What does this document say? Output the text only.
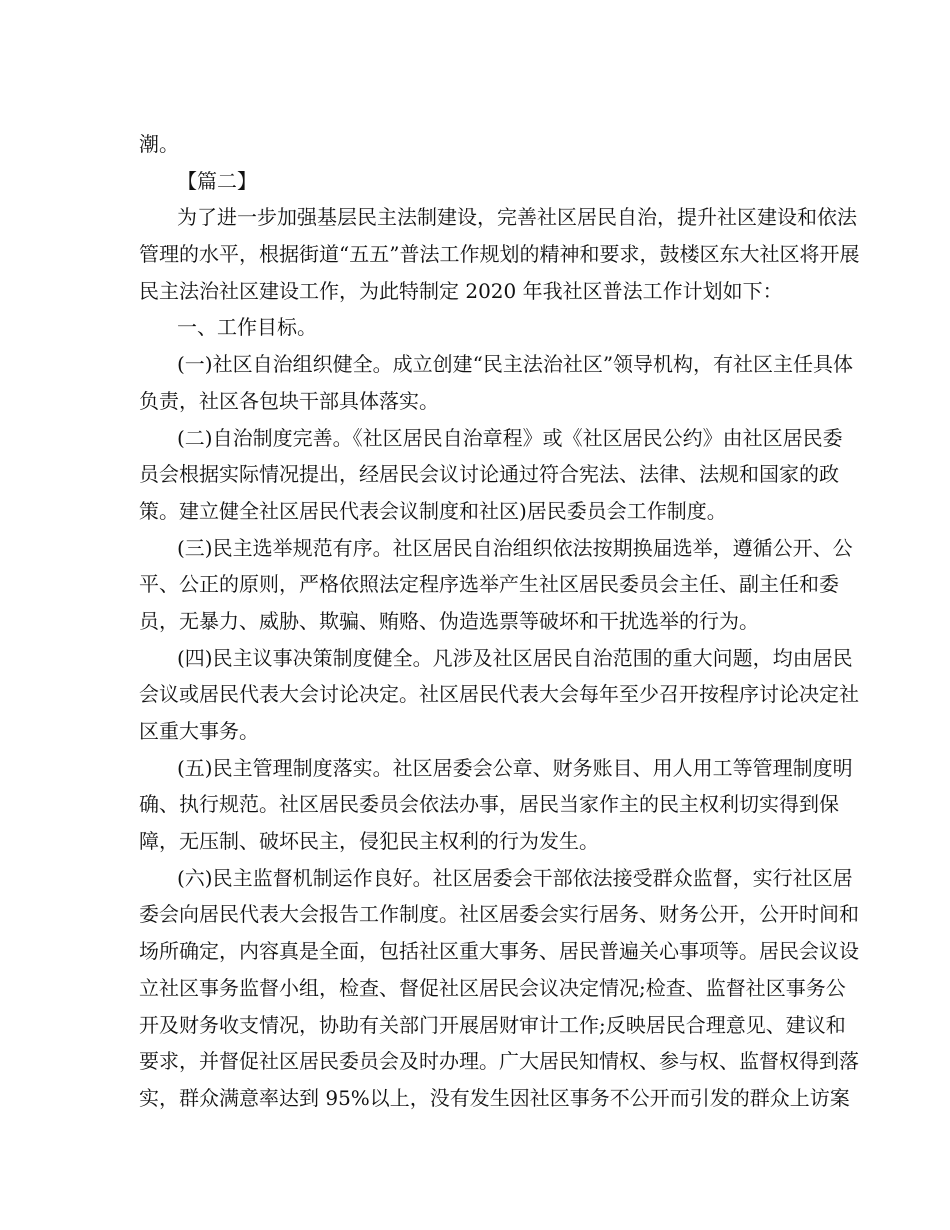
潮。
【篇二】
为了进一步加强基层民主法制建设，完善社区居民自治，提升社区建设和依法
管理的水平，根据街道“五五”普法工作规划的精神和要求，鼓楼区东大社区将开展
民主法治社区建设工作，为此特制定 2020 年我社区普法工作计划如下：
一、工作目标。
(一)社区自治组织健全。成立创建“民主法治社区”领导机构，有社区主任具体
负责，社区各包块干部具体落实。
(二)自治制度完善。《社区居民自治章程》或《社区居民公约》由社区居民委
员会根据实际情况提出，经居民会议讨论通过符合宪法、法律、法规和国家的政
策。建立健全社区居民代表会议制度和社区)居民委员会工作制度。
(三)民主选举规范有序。社区居民自治组织依法按期换届选举，遵循公开、公
平、公正的原则，严格依照法定程序选举产生社区居民委员会主任、副主任和委
员，无暴力、威胁、欺骗、贿赂、伪造选票等破坏和干扰选举的行为。
(四)民主议事决策制度健全。凡涉及社区居民自治范围的重大问题，均由居民
会议或居民代表大会讨论决定。社区居民代表大会每年至少召开按程序讨论决定社
区重大事务。
(五)民主管理制度落实。社区居委会公章、财务账目、用人用工等管理制度明
确、执行规范。社区居民委员会依法办事，居民当家作主的民主权利切实得到保
障，无压制、破坏民主，侵犯民主权利的行为发生。
(六)民主监督机制运作良好。社区居委会干部依法接受群众监督，实行社区居
委会向居民代表大会报告工作制度。社区居委会实行居务、财务公开，公开时间和
场所确定，内容真是全面，包括社区重大事务、居民普遍关心事项等。居民会议设
立社区事务监督小组，检查、督促社区居民会议决定情况;检查、监督社区事务公
开及财务收支情况，协助有关部门开展居财审计工作;反映居民合理意见、建议和
要求，并督促社区居民委员会及时办理。广大居民知情权、参与权、监督权得到落
实，群众满意率达到 95%以上，没有发生因社区事务不公开而引发的群众上访案
